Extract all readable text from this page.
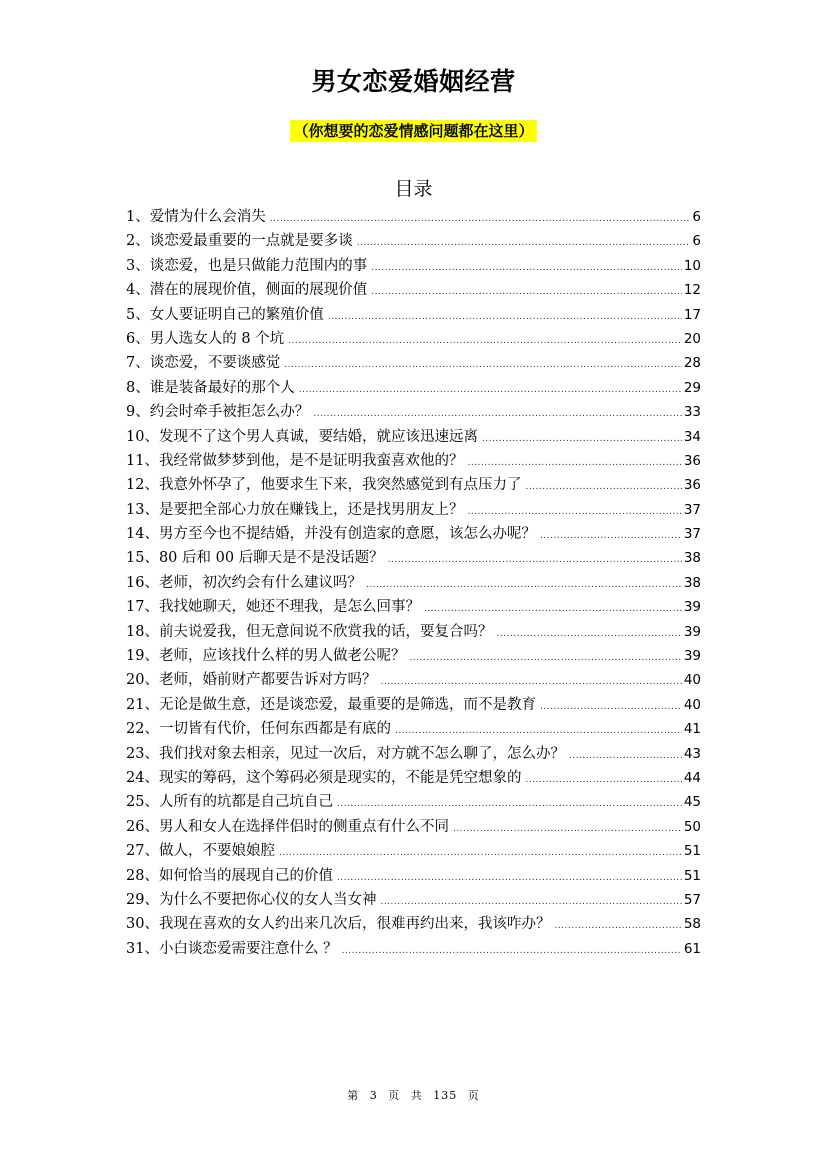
男女恋爱婚姻经营
（你想要的恋爱情感问题都在这里）
目录
1、爱情为什么会消失 .....	6
2、谈恋爱最重要的一点就是要多谈 .....	6
3、谈恋爱，也是只做能力范围内的事 .....	10
4、潜在的展现价值，侧面的展现价值 .....	12
5、女人要证明自己的繁殖价值 .....	17
6、男人选女人的 8 个坑 .....	20
7、谈恋爱，不要谈感觉 .....	28
8、谁是装备最好的那个人 .....	29
9、约会时牵手被拒怎么办？ .....	33
10、发现不了这个男人真诚，要结婚，就应该迅速远离 .....	34
11、我经常做梦梦到他，是不是证明我蛮喜欢他的？ .....	36
12、我意外怀孕了，他要求生下来，我突然感觉到有点压力了 .....	36
13、是要把全部心力放在赚钱上，还是找男朋友上？ .....	37
14、男方至今也不提结婚，并没有创造家的意愿，该怎么办呢？ .....	37
15、80 后和 00 后聊天是不是没话题？ .....	38
16、老师，初次约会有什么建议吗？ .....	38
17、我找她聊天，她还不理我，是怎么回事？ .....	39
18、前夫说爱我，但无意间说不欣赏我的话，要复合吗？ .....	39
19、老师，应该找什么样的男人做老公呢？ .....	39
20、老师，婚前财产都要告诉对方吗？ .....	40
21、无论是做生意，还是谈恋爱，最重要的是筛选，而不是教育 .....	40
22、一切皆有代价，任何东西都是有底的 .....	41
23、我们找对象去相亲，见过一次后，对方就不怎么聊了，怎么办？ .....	43
24、现实的筹码，这个筹码必须是现实的，不能是凭空想象的 .....	44
25、人所有的坑都是自己坑自己 .....	45
26、男人和女人在选择伴侣时的侧重点有什么不同 .....	50
27、做人，不要娘娘腔 .....	51
28、如何恰当的展现自己的价值 .....	51
29、为什么不要把你心仪的女人当女神 .....	57
30、我现在喜欢的女人约出来几次后，很难再约出来，我该咋办？ .....	58
31、小白谈恋爱需要注意什么 ？ .....	61
第 3 页 共 135 页
